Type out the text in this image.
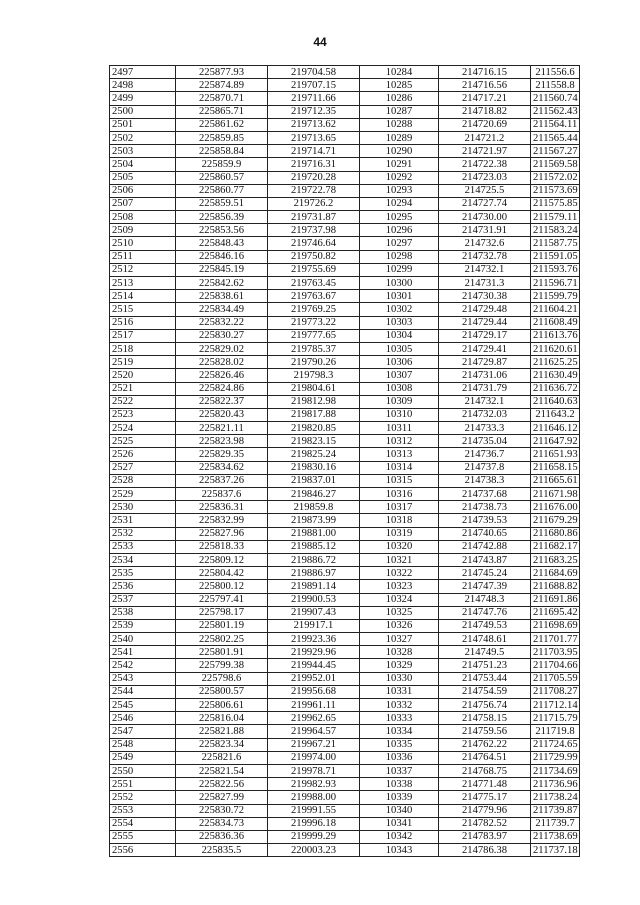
44
2497	225877.93	219704.58	10284	214716.15	211556.6
2498	225874.89	219707.15	10285	214716.56	211558.8
2499	225870.71	219711.66	10286	214717.21	211560.74
2500	225865.71	219712.35	10287	214718.82	211562.43
2501	225861.62	219713.62	10288	214720.69	211564.11
2502	225859.85	219713.65	10289	214721.2	211565.44
2503	225858.84	219714.71	10290	214721.97	211567.27
2504	225859.9	219716.31	10291	214722.38	211569.58
2505	225860.57	219720.28	10292	214723.03	211572.02
2506	225860.77	219722.78	10293	214725.5	211573.69
2507	225859.51	219726.2	10294	214727.74	211575.85
2508	225856.39	219731.87	10295	214730.00	211579.11
2509	225853.56	219737.98	10296	214731.91	211583.24
2510	225848.43	219746.64	10297	214732.6	211587.75
2511	225846.16	219750.82	10298	214732.78	211591.05
2512	225845.19	219755.69	10299	214732.1	211593.76
2513	225842.62	219763.45	10300	214731.3	211596.71
2514	225838.61	219763.67	10301	214730.38	211599.79
2515	225834.49	219769.25	10302	214729.48	211604.21
2516	225832.22	219773.22	10303	214729.44	211608.49
2517	225830.27	219777.65	10304	214729.17	211613.76
2518	225829.02	219785.37	10305	214729.41	211620.61
2519	225828.02	219790.26	10306	214729.87	211625.25
2520	225826.46	219798.3	10307	214731.06	211630.49
2521	225824.86	219804.61	10308	214731.79	211636.72
2522	225822.37	219812.98	10309	214732.1	211640.63
2523	225820.43	219817.88	10310	214732.03	211643.2
2524	225821.11	219820.85	10311	214733.3	211646.12
2525	225823.98	219823.15	10312	214735.04	211647.92
2526	225829.35	219825.24	10313	214736.7	211651.93
2527	225834.62	219830.16	10314	214737.8	211658.15
2528	225837.26	219837.01	10315	214738.3	211665.61
2529	225837.6	219846.27	10316	214737.68	211671.98
2530	225836.31	219859.8	10317	214738.73	211676.00
2531	225832.99	219873.99	10318	214739.53	211679.29
2532	225827.96	219881.00	10319	214740.65	211680.86
2533	225818.33	219885.12	10320	214742.88	211682.17
2534	225809.12	219886.72	10321	214743.87	211683.25
2535	225804.42	219886.97	10322	214745.24	211684.69
2536	225800.12	219891.14	10323	214747.39	211688.82
2537	225797.41	219900.53	10324	214748.3	211691.86
2538	225798.17	219907.43	10325	214747.76	211695.42
2539	225801.19	219917.1	10326	214749.53	211698.69
2540	225802.25	219923.36	10327	214748.61	211701.77
2541	225801.91	219929.96	10328	214749.5	211703.95
2542	225799.38	219944.45	10329	214751.23	211704.66
2543	225798.6	219952.01	10330	214753.44	211705.59
2544	225800.57	219956.68	10331	214754.59	211708.27
2545	225806.61	219961.11	10332	214756.74	211712.14
2546	225816.04	219962.65	10333	214758.15	211715.79
2547	225821.88	219964.57	10334	214759.56	211719.8
2548	225823.34	219967.21	10335	214762.22	211724.65
2549	225821.6	219974.00	10336	214764.51	211729.99
2550	225821.54	219978.71	10337	214768.75	211734.69
2551	225822.56	219982.93	10338	214771.48	211736.96
2552	225827.99	219988.00	10339	214775.17	211738.24
2553	225830.72	219991.55	10340	214779.96	211739.87
2554	225834.73	219996.18	10341	214782.52	211739.7
2555	225836.36	219999.29	10342	214783.97	211738.69
2556	225835.5	220003.23	10343	214786.38	211737.18
